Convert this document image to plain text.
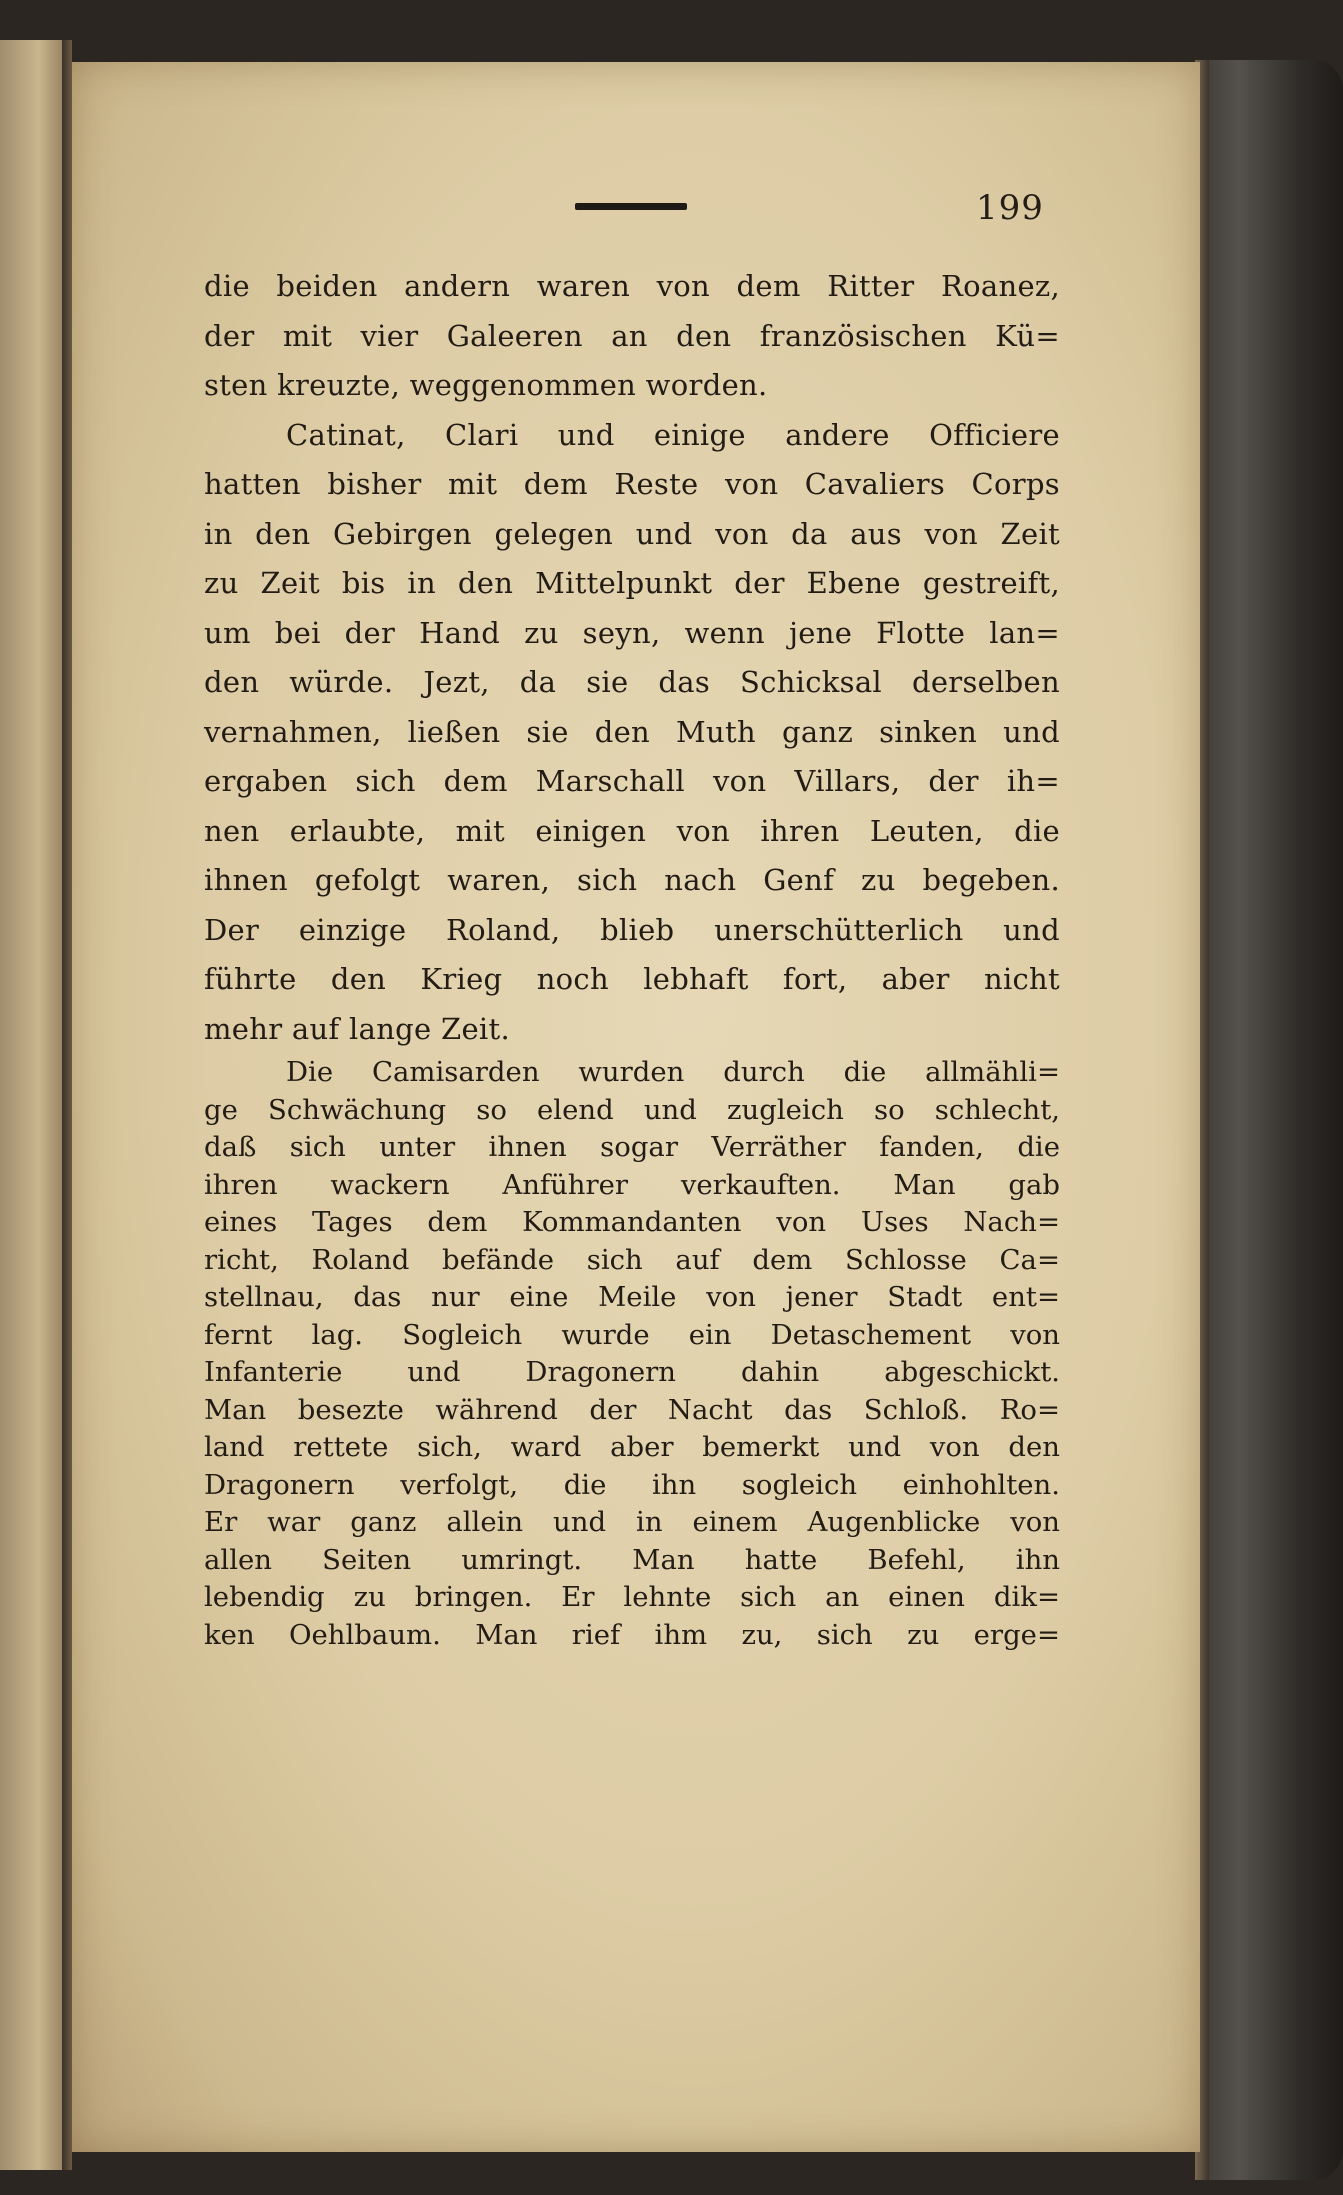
199
die beiden andern waren von dem Ritter Roanez,
der mit vier Galeeren an den französischen Kü=
sten kreuzte, weggenommen worden.
Catinat, Clari und einige andere Officiere
hatten bisher mit dem Reste von Cavaliers Corps
in den Gebirgen gelegen und von da aus von Zeit
zu Zeit bis in den Mittelpunkt der Ebene gestreift,
um bei der Hand zu seyn, wenn jene Flotte lan=
den würde. Jezt, da sie das Schicksal derselben
vernahmen, ließen sie den Muth ganz sinken und
ergaben sich dem Marschall von Villars, der ih=
nen erlaubte, mit einigen von ihren Leuten, die
ihnen gefolgt waren, sich nach Genf zu begeben.
Der einzige Roland, blieb unerschütterlich und
führte den Krieg noch lebhaft fort, aber nicht
mehr auf lange Zeit.
Die Camisarden wurden durch die allmähli=
ge Schwächung so elend und zugleich so schlecht,
daß sich unter ihnen sogar Verräther fanden, die
ihren wackern Anführer verkauften. Man gab
eines Tages dem Kommandanten von Uses Nach=
richt, Roland befände sich auf dem Schlosse Ca=
stellnau, das nur eine Meile von jener Stadt ent=
fernt lag. Sogleich wurde ein Detaschement von
Infanterie und Dragonern dahin abgeschickt.
Man besezte während der Nacht das Schloß. Ro=
land rettete sich, ward aber bemerkt und von den
Dragonern verfolgt, die ihn sogleich einhohlten.
Er war ganz allein und in einem Augenblicke von
allen Seiten umringt. Man hatte Befehl, ihn
lebendig zu bringen. Er lehnte sich an einen dik=
ken Oehlbaum. Man rief ihm zu, sich zu erge=
